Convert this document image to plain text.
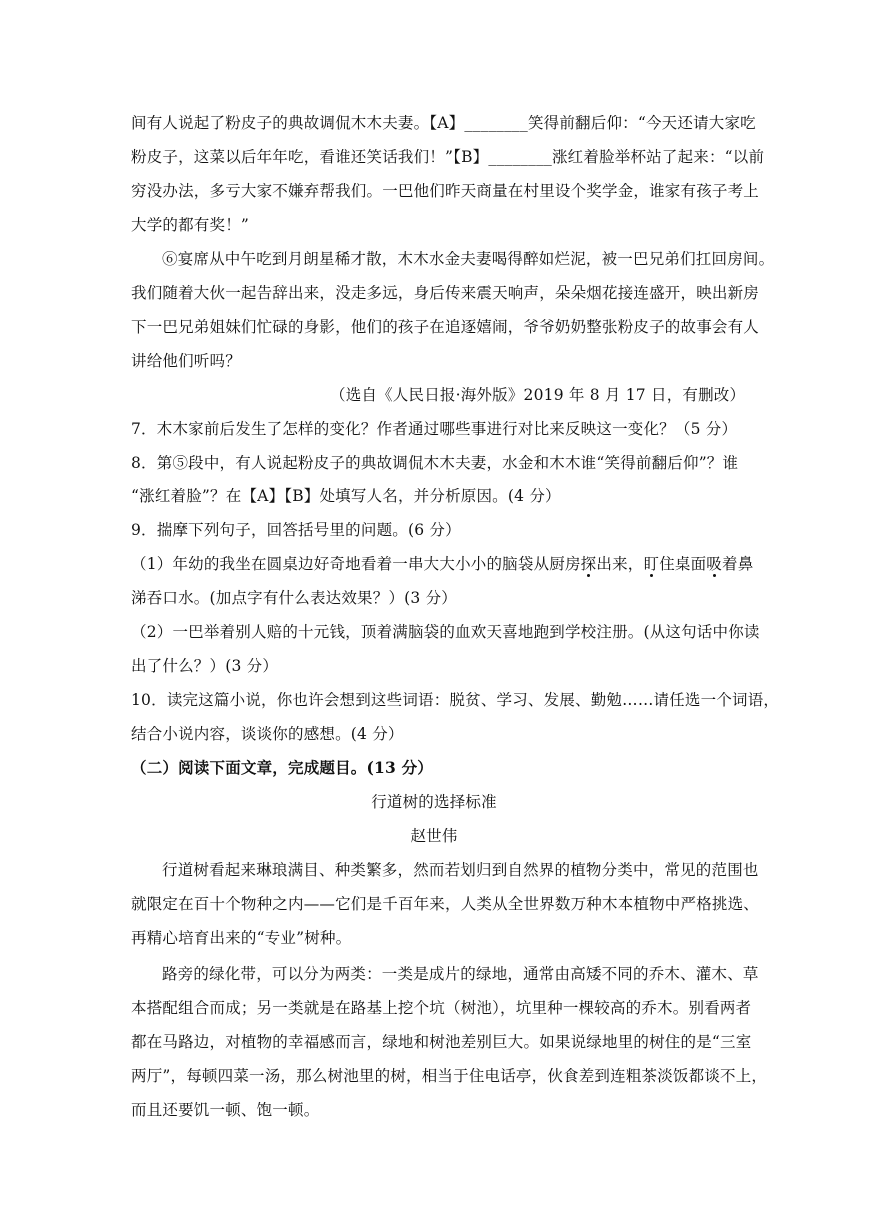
间有人说起了粉皮子的典故调侃木木夫妻。【A】________笑得前翻后仰：“今天还请大家吃
粉皮子，这菜以后年年吃，看谁还笑话我们！”【B】________涨红着脸举杯站了起来：“以前
穷没办法，多亏大家不嫌弃帮我们。一巴他们昨天商量在村里设个奖学金，谁家有孩子考上
大学的都有奖！”
⑥宴席从中午吃到月朗星稀才散，木木水金夫妻喝得醉如烂泥，被一巴兄弟们扛回房间。
我们随着大伙一起告辞出来，没走多远，身后传来震天响声，朵朵烟花接连盛开，映出新房
下一巴兄弟姐妹们忙碌的身影，他们的孩子在追逐嬉闹，爷爷奶奶整张粉皮子的故事会有人
讲给他们听吗？
（选自《人民日报·海外版》2019 年 8 月 17 日，有删改）
7．木木家前后发生了怎样的变化？作者通过哪些事进行对比来反映这一变化？（5 分）
8．第⑤段中，有人说起粉皮子的典故调侃木木夫妻，水金和木木谁“笑得前翻后仰”？谁
“涨红着脸”？在【A】【B】处填写人名，并分析原因。(4 分）
9．揣摩下列句子，回答括号里的问题。(6 分）
（1）年幼的我坐在圆桌边好奇地看着一串大大小小的脑袋从厨房探出来，盯住桌面吸着鼻
涕吞口水。(加点字有什么表达效果？）(3 分）
（2）一巴举着别人赔的十元钱，顶着满脑袋的血欢天喜地跑到学校注册。(从这句话中你读
出了什么？）(3 分）
10．读完这篇小说，你也许会想到这些词语：脱贫、学习、发展、勤勉……请任选一个词语，
结合小说内容，谈谈你的感想。(4 分）
（二）阅读下面文章，完成题目。(13 分）
行道树的选择标准
赵世伟
行道树看起来琳琅满目、种类繁多，然而若划归到自然界的植物分类中，常见的范围也
就限定在百十个物种之内——它们是千百年来，人类从全世界数万种木本植物中严格挑选、
再精心培育出来的“专业”树种。
路旁的绿化带，可以分为两类：一类是成片的绿地，通常由高矮不同的乔木、灌木、草
本搭配组合而成；另一类就是在路基上挖个坑（树池），坑里种一棵较高的乔木。别看两者
都在马路边，对植物的幸福感而言，绿地和树池差别巨大。如果说绿地里的树住的是“三室
两厅”，每顿四菜一汤，那么树池里的树，相当于住电话亭，伙食差到连粗茶淡饭都谈不上，
而且还要饥一顿、饱一顿。
